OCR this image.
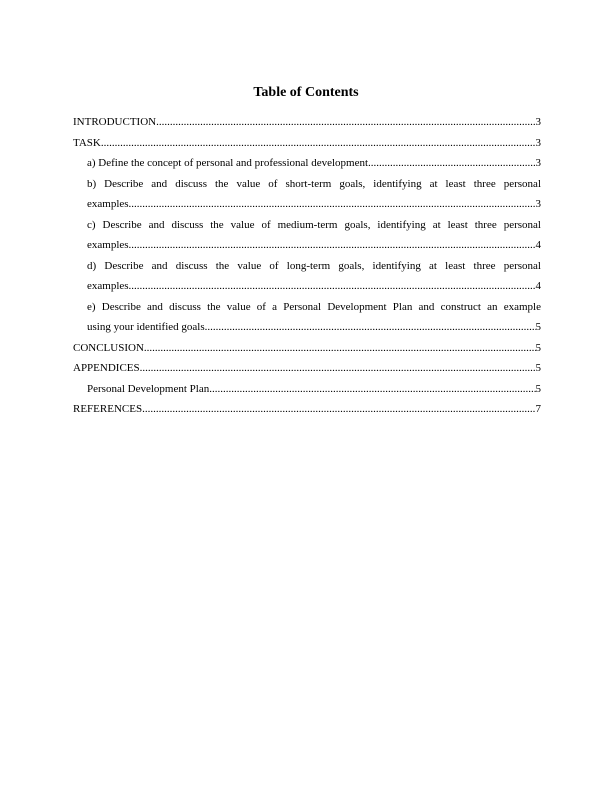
Table of Contents
INTRODUCTION .....	3
TASK .....	3
a) Define the concept of personal and professional development .....	3
b) Describe and discuss the value of short-term goals, identifying at least three personal
examples. .....	3
c) Describe and discuss the value of medium-term goals, identifying at least three personal
examples. .....	4
d) Describe and discuss the value of long-term goals, identifying at least three personal
examples. .....	4
e) Describe and discuss the value of a Personal Development Plan and construct an example
using your identified goals. .....	5
CONCLUSION .....	5
APPENDICES .....	5
Personal Development Plan .....	5
REFERENCES .....	7
